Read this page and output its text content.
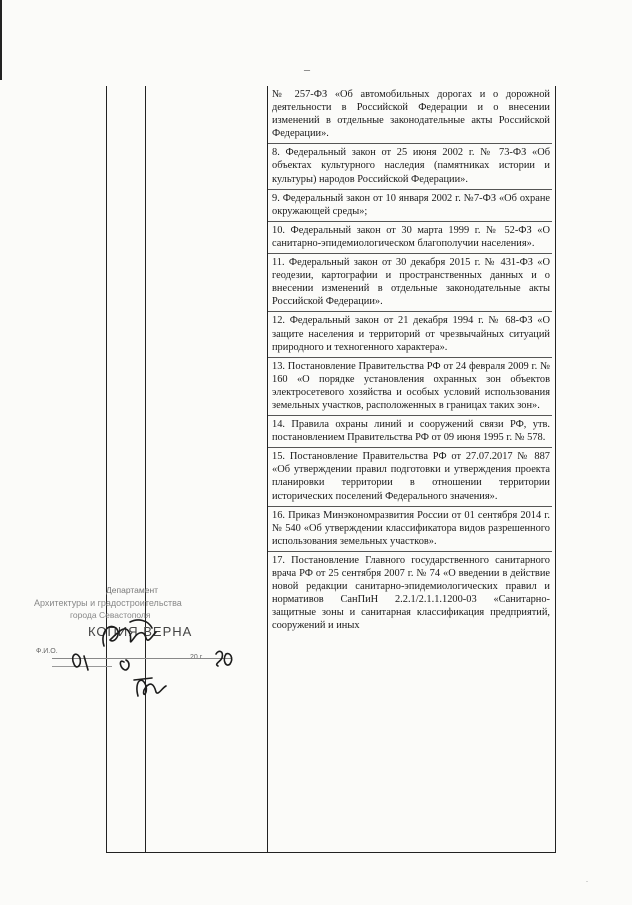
–
№ 257-ФЗ «Об автомобильных дорогах и о дорожной деятельности в Российской Федерации и о внесении изменений в отдельные законодательные акты Российской Федерации».
8. Федеральный закон от 25 июня 2002 г. № 73-ФЗ «Об объектах культурного наследия (памятниках истории и культуры) народов Российской Федерации».
9. Федеральный закон от 10 января 2002 г. №7-ФЗ «Об охране окружающей среды»;
10. Федеральный закон от 30 марта 1999 г. № 52-ФЗ «О санитарно-эпидемиологическом благополучии населения».
11. Федеральный закон от 30 декабря 2015 г. № 431-ФЗ «О геодезии, картографии и пространственных данных и о внесении изменений в отдельные законодательные акты Российской Федерации».
12. Федеральный закон от 21 декабря 1994 г. № 68-ФЗ «О защите населения и территорий от чрезвычайных ситуаций природного и техногенного характера».
13. Постановление Правительства РФ от 24 февраля 2009 г. № 160 «О порядке установления охранных зон объектов электросетевого хозяйства и особых условий использования земельных участков, расположенных в границах таких зон».
14. Правила охраны линий и сооружений связи РФ, утв. постановлением Правительства РФ от 09 июня 1995 г. № 578.
15. Постановление Правительства РФ от 27.07.2017 № 887 «Об утверждении правил подготовки и утверждения проекта планировки территории в отношении территории исторических поселений Федерального значения».
16. Приказ Минэкономразвития России от 01 сентября 2014 г. № 540 «Об утверждении классификатора видов разрешенного использования земельных участков».
17. Постановление Главного государственного санитарного врача РФ от 25 сентября 2007 г. № 74 «О введении в действие новой редакции санитарно-эпидемиологических правил и нормативов СанПиН 2.2.1/2.1.1.1200-03 «Санитарно-защитные зоны и санитарная классификация предприятий, сооружений и иных
Департамент
Архитектуры и градостроительства
города Севастополя
КОПИЯ ВЕРНА
Ф.И.О.
.
